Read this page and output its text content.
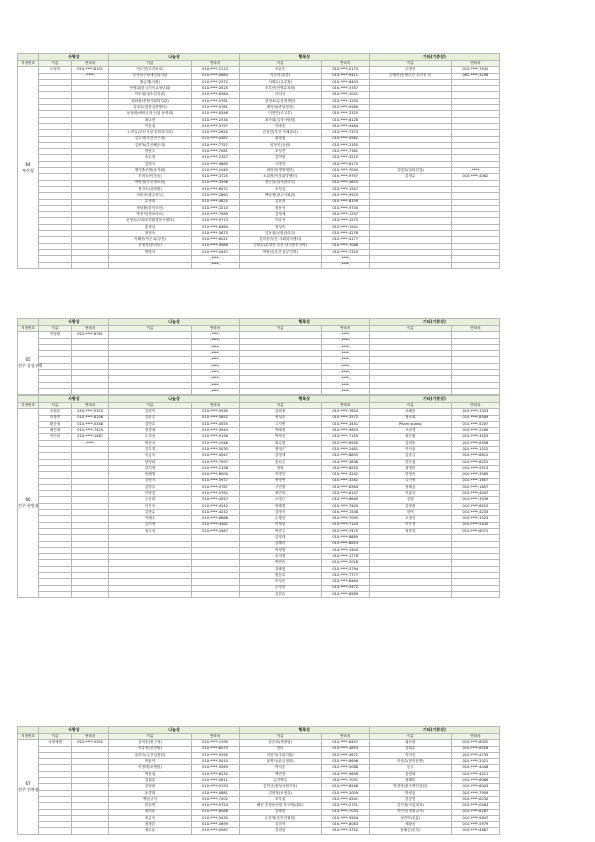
	사랑상		나눔상		행복상		기타(기증상)	
지정번호	이름	연락처	이름	연락처	이름	연락처	이름	연락처

64
부산청	오영숙	010-****-8151	이도연(주간보호)	010-****-2113	조윤순	010-****-2173	주영신	010-****-7542
		-****-	부산남구장애인복지관	010-****-0684	지은미(울릉)	010-****-9411	김행선(동행부산 부산진구)	062-****-3208
			황금례(서원)	010-****-2572	서채수(금수원)	010-****-8453		
			안명희(한국기독교청년회)	010-****-3525	조부산(선명유치원)	010-****-5787		
			이소영(청소년기관)	010-****-6584	서치곡	010-****-1041		
			평화원(종합사회복지관)	010-****-5781	천정조(무지개재단)	010-****-1250		
			김정수(청풍실종센터)	010-****-5781	제석성(중앙성전)	010-****-9260		
			동성원(예비군과 신앙 동역회)	010-****-8346	이현민(국고부)	010-****-2325		
			최나현	010-****-2530	최가희(실지사랑원)	010-****-6128		
			이동섭	010-****-3797	이예진	010-****-9464		
			노현일(부산시청 문화복지과)	010-****-2620	김성민(부산 사례관리)	010-****-7374		
			김도현(부산진구청)	010-****-4387	최평섭	010-****-4582		
			김귀옥(부산해운대)	010-****-7757	임상인(공원)	010-****-2355		
			박용주	010-****-7081	조성진	010-****-7381		
			송수현	010-****-2357	김여영	010-****-3210		
			김영식	010-****-9885	고명자	010-****-6170		
			행가졸조합(동지회)	010-****-1040	최미하(생명재단)	010-****-7040	김영수(알파건설)	-****-
			후미숙(이웃돕)	010-****-3725	소희정(이웃희망센터)	010-****-9797	김정수	010-****-4382
			박영정(부산정보원)	010-****-3596	청곤준(복지관리부)	010-****-3653		
			정지숙(상담원)	010-****-6472	조성실	010-****-1547		
			이미숙(광주선도)	010-****-2863	백남정(광주사회관)	010-****-9525		
			유정희	010-****-4825	김윤복	010-****-8339		
			정남환(한진조선)	010-****-3210	정동석	010-****-9734		
			박종석(정보의료)	010-****-7589	김정예	010-****-1257		
			문영숙(모희보건환경봉사센터)	010-****-9713	이유석	010-****-1575		
			홍정님	010-****-6384	정성숙	010-****-1541		
			정영숙	010-****-5875	김동섭(공항관리국)	010-****-4276		
			이해웅(이근옥(부산)	010-****-6021	김미선(부산 사회복지센터)	010-****-4177		
			송정자(중리동)	010-****-4986	김양수(무장산 부산 남구중부지역)	010-****-7086		
			박영석	010-****-5447	박영선(부산 동부지역)	010-****-7320		
				-****-		-****-		
				-****-		-****-		
	사랑상		나눔상		행복상		기타(기증상)	
지정번호	이름	연락처	이름	연락처	이름	연락처	이름	연락처

65
전주 상상구역	이영환	010-****-8761		-****-		-****-		
				-****-		-****-		
				-****-		-****-		
				-****-		-****-		
				-****-		-****-		
				-****-		-****-		
				-****-		-****-		
				-****-		-****-		
				-****-		-****-		
				-****-		-****-		
	사랑상		나눔상		행복상		기타(기증상)	
지정번호	이름	연락처	이름	연락처	이름	연락처	이름	연락처

66
전주 한빛청	조원준	010-****-5310	김영이	010-****-5930	김희정	010-****-7624	조혜순	010-****-3323
	한상미	010-****-8206	김문주	010-****-5852	정성호	010-****-2572	정소희	010-****-8589
	황순정	010-****-5348	김민호	010-****-4555	고지연	010-****-3441	Pham quang	010-****-5207
	배은희	010-****-7425	정경애	010-****-3944	박혜정	010-****-9853	조현경	010-****-2260
	이이선	010-****-1487	노경숙	010-****-9156	박정선	010-****-7155	원은환	010-****-3525
		-****-	박준서	010-****-1948	최수영	010-****-8930	김미숙	010-****-8358
			김우경	010-****-5035	정영근	010-****-2481	이서윤	010-****-1522
			서금숙	010-****-4047	김영애	010-****-8855	김송금	010-****-8812
			양영희	010-****-7997	홍선주	010-****-3836	한은섭	010-****-8252
			강지영	010-****-2198	정영	010-****-8555	정영미	010-****-5513
			안혜영	010-****-8000	이명인	010-****-3242	한영숙	010-****-3565
			김영기	010-****-5977	정영연	010-****-3262	나기영	010-****-1657
			김영우	010-****-5787	구민정	010-****-8564	장태윤	010-****-1857
			이영건	010-****-5782	최민자	010-****-8147	이효숙	010-****-4047
			주승희	010-****-4557	오영근	010-****-8649	김엽	010-****-3539
			서은숙	010-****-4242	정혜경	010-****-7440	김세정	010-****-8515
			김종수	010-****-4242	김영식	010-****-1548	한여	010-****-4233
			이혜주	010-****-8888	손행선	010-****-7095	오정선	010-****-3323
			김지애	010-****-4462	이정남	010-****-7145	이은경	010-****-5442
			정주성	010-****-4487	박순주	010-****-7475	정현지	010-****-8072
					김영대	010-****-8889		
					김혜리	010-****-8653		
					박정영	010-****-1404		
					송미정	010-****-1776		
					박연숙	010-****-2018		
					김혜정	010-****-5794		
					정동수	010-****-7777		
					이성운	010-****-8464		
					손영선	010-****-3472		
					김현수	010-****-8589		
	사랑상		나눔상		행복상		기타(기증상)	
지정번호	이름	연락처	이름	연락처	이름	연락처	이름	연락처

67
전주 진북점	교명예범	010-****-5352	김미송(원구청)	010-****-1190	한승희(재정팀)	010-****-8457	권소영	010-****-8052
			이유정(진장원)	010-****-6075	현티	010-****-4853	김희수	010-****-8528
			윤미숙(주간일정팀)	010-****-9290	이찬지(주임지원)	010-****-3672	이다인	010-****-4735
			박윤이	010-****-5010	윤병사(윤글정화)	010-****-8696	이성수(참전문명)	010-****-2021
			이정택(포엠팀)	010-****-3569	박지순	010-****-5088	동주	010-****-4448
			박동섭	010-****-8232	백현경	010-****-9656	윤영희	010-****-4411
			김희흥	010-****-5811	수전백주	010-****-7031	정혜미	010-****-8066
			강정원	010-****-9153	김민규(정성사원기자)	010-****-8548	박경자(완주백산업팀)	010-****-8043
			윤경대	010-****-0881	김영정(조정실)	010-****-2009	박정일	010-****-7959
			백남규석	010-****-7202	조우섭	010-****-4541	한승현	010-****-6230
			한승연	010-****-9724	해신 후정동선원 학구택(대표)	010-****-2751	김기정(사업대표)	010-****-0463
			최저윤	010-****-8088	김혜경	010-****-7033	이민진(정원교사)	010-****-6287
			최금숙	010-****-5430	손문영(음악지원팀)	010-****-5584	성민아(본분)	010-****-5847
			정정본	010-****-4699	김점석	010-****-8083	채광윤	010-****-5979
			정수윤	010-****-0087	김점임	010-****-3752	윤혜승(본부)	010-****-4887
